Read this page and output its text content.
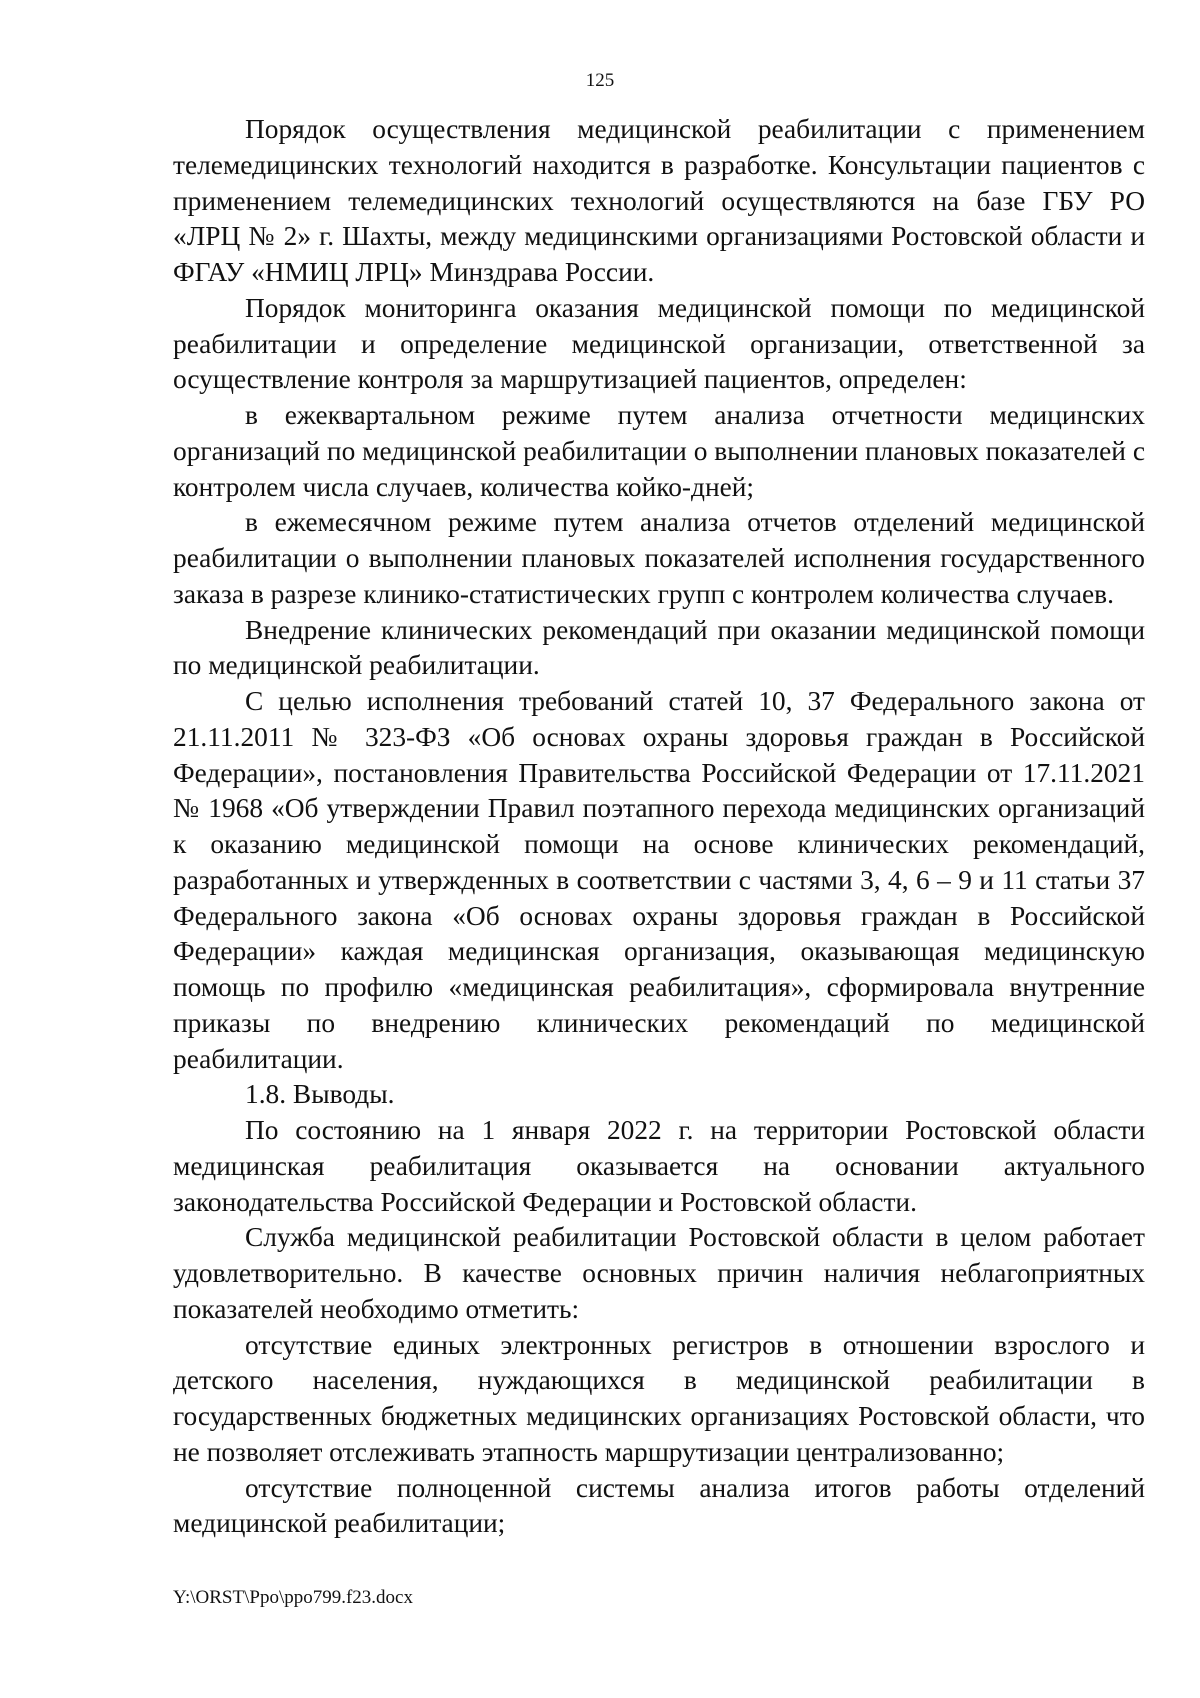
125

Порядок осуществления медицинской реабилитации с применением телемедицинских технологий находится в разработке. Консультации пациентов с применением телемедицинских технологий осуществляются на базе ГБУ РО «ЛРЦ № 2» г. Шахты, между медицинскими организациями Ростовской области и ФГАУ «НМИЦ ЛРЦ» Минздрава России.

Порядок мониторинга оказания медицинской помощи по медицинской реабилитации и определение медицинской организации, ответственной за осуществление контроля за маршрутизацией пациентов, определен:

в ежеквартальном режиме путем анализа отчетности медицинских организаций по медицинской реабилитации о выполнении плановых показателей с контролем числа случаев, количества койко-дней;

в ежемесячном режиме путем анализа отчетов отделений медицинской реабилитации о выполнении плановых показателей исполнения государственного заказа в разрезе клинико-статистических групп с контролем количества случаев.

Внедрение клинических рекомендаций при оказании медицинской помощи по медицинской реабилитации.

С целью исполнения требований статей 10, 37 Федерального закона от 21.11.2011 № 323-ФЗ «Об основах охраны здоровья граждан в Российской Федерации», постановления Правительства Российской Федерации от 17.11.2021 № 1968 «Об утверждении Правил поэтапного перехода медицинских организаций к оказанию медицинской помощи на основе клинических рекомендаций, разработанных и утвержденных в соответствии с частями 3, 4, 6 – 9 и 11 статьи 37 Федерального закона «Об основах охраны здоровья граждан в Российской Федерации» каждая медицинская организация, оказывающая медицинскую помощь по профилю «медицинская реабилитация», сформировала внутренние приказы по внедрению клинических рекомендаций по медицинской реабилитации.

1.8. Выводы.

По состоянию на 1 января 2022 г. на территории Ростовской области медицинская реабилитация оказывается на основании актуального законодательства Российской Федерации и Ростовской области.

Служба медицинской реабилитации Ростовской области в целом работает удовлетворительно. В качестве основных причин наличия неблагоприятных показателей необходимо отметить:

отсутствие единых электронных регистров в отношении взрослого и детского населения, нуждающихся в медицинской реабилитации в государственных бюджетных медицинских организациях Ростовской области, что не позволяет отслеживать этапность маршрутизации централизованно;

отсутствие полноценной системы анализа итогов работы отделений медицинской реабилитации;

Y:\ORST\Ppo\ppo799.f23.docx
